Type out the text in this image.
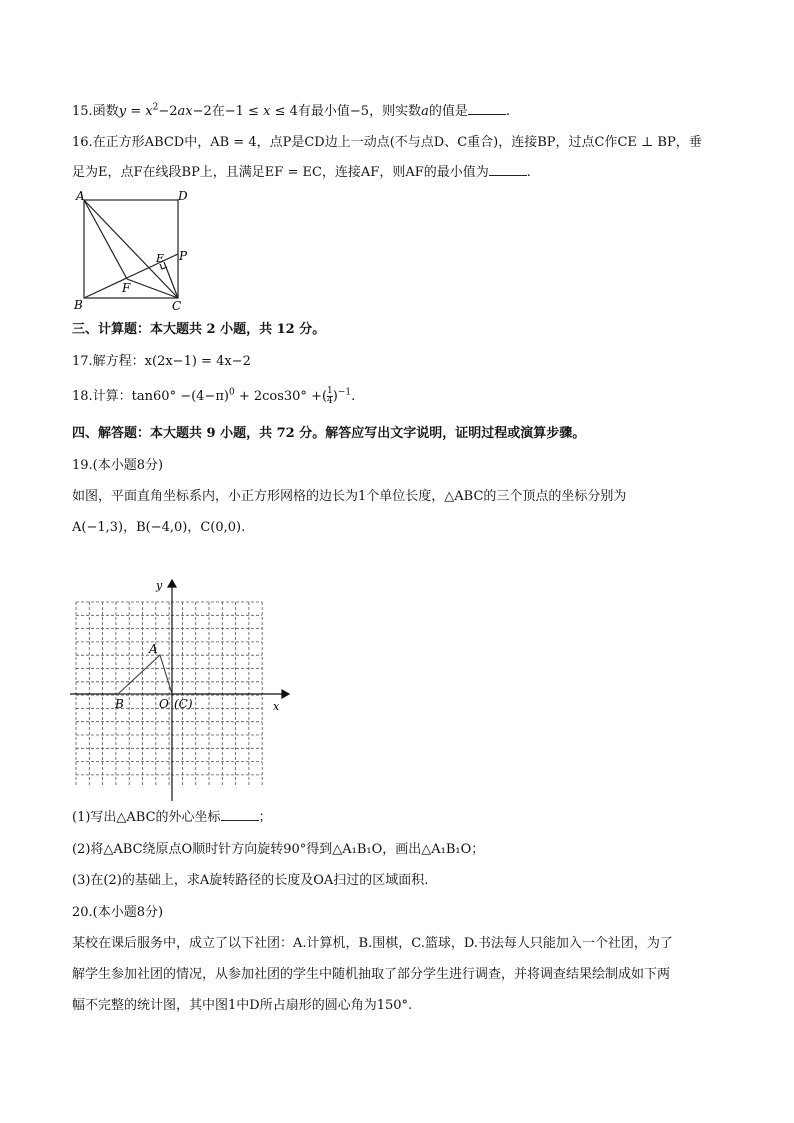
15.函数$y = x^2-2ax-2$在−1 ≤ x ≤ 4有最小值−5，则实数a的值是	.
16.在正方形ABCD中，AB = 4，点P是CD边上一动点(不与点D、C重合)，连接BP，过点C作CE ⊥ BP，垂
足为E，点F在线段BP上，且满足EF = EC，连接AF，则AF的最小值为	.
A	D
B	C
E
F
P
三、计算题：本大题共 2 小题，共 12 分。
17.解方程：x(2x−1) = 4x−2
18.计算：$\tan 60^\circ -(4-\pi)^0 + 2\cos 30^\circ +(\frac{1}{4})^{-1}$.
四、解答题：本大题共 9 小题，共 72 分。解答应写出文字说明，证明过程或演算步骤。
19.(本小题8分)
如图，平面直角坐标系内，小正方形网格的边长为1个单位长度，△ABC的三个顶点的坐标分别为
A(−1,3)，B(−4,0)，C(0,0).
x
y
A
B	O (C)
(1)写出△ABC的外心坐标	；
(2)将△ABC绕原点O顺时针方向旋转90°得到△A₁B₁O，画出△A₁B₁O；
(3)在(2)的基础上，求A旋转路径的长度及OA扫过的区域面积.
20.(本小题8分)
某校在课后服务中，成立了以下社团：A.计算机，B.围棋，C.篮球，D.书法每人只能加入一个社团，为了
解学生参加社团的情况，从参加社团的学生中随机抽取了部分学生进行调查，并将调查结果绘制成如下两
幅不完整的统计图，其中图1中D所占扇形的圆心角为150°.
